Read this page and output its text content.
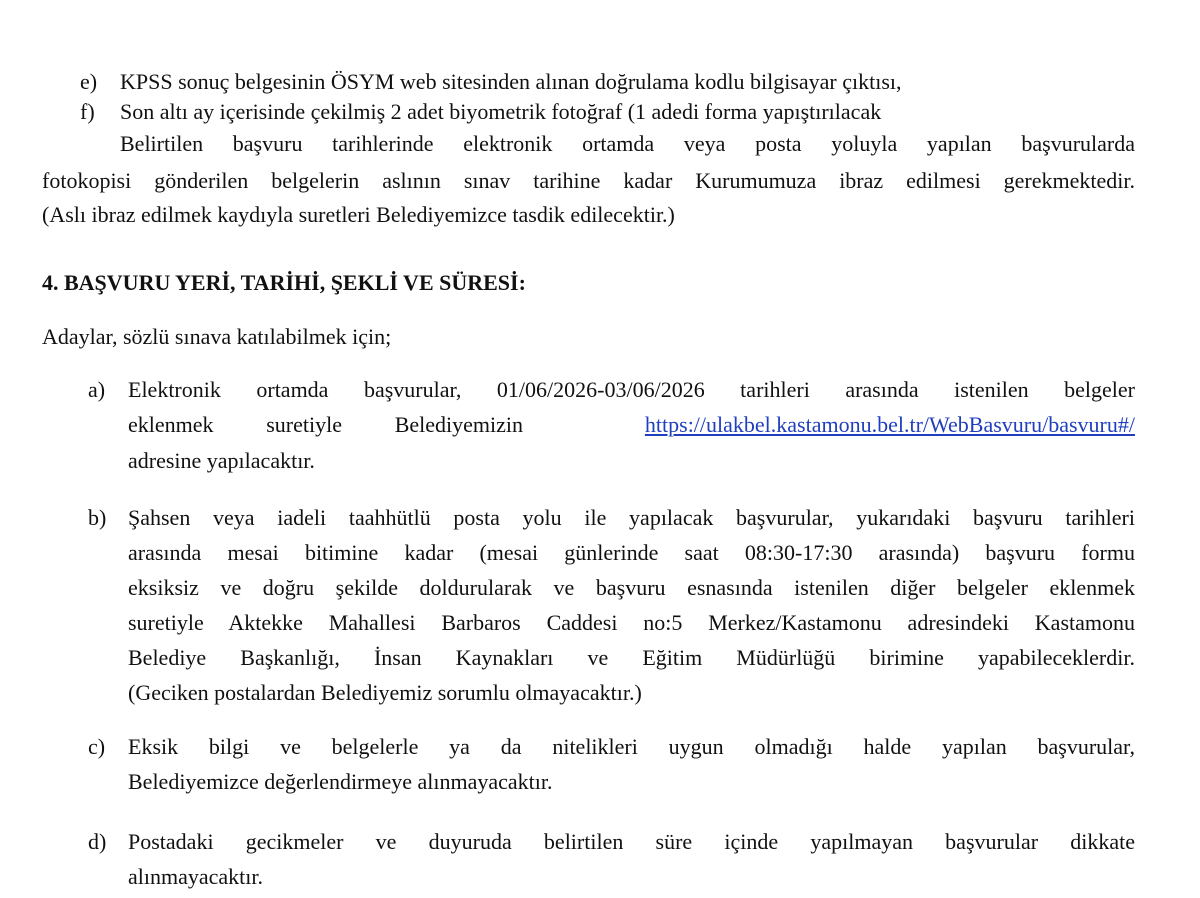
e) KPSS sonuç belgesinin ÖSYM web sitesinden alınan doğrulama kodlu bilgisayar çıktısı,
f) Son altı ay içerisinde çekilmiş 2 adet biyometrik fotoğraf (1 adedi forma yapıştırılacak
Belirtilen başvuru tarihlerinde elektronik ortamda veya posta yoluyla yapılan başvurularda
fotokopisi gönderilen belgelerin aslının sınav tarihine kadar Kurumumuza ibraz edilmesi gerekmektedir.
(Aslı ibraz edilmek kaydıyla suretleri Belediyemizce tasdik edilecektir.)
4. BAŞVURU YERİ, TARİHİ, ŞEKLİ VE SÜRESİ:
Adaylar, sözlü sınava katılabilmek için;
a) Elektronik ortamda başvurular, 01/06/2026-03/06/2026 tarihleri arasında istenilen belgeler
eklenmek suretiyle Belediyemizin	https://ulakbel.kastamonu.bel.tr/WebBasvuru/basvuru#/
adresine yapılacaktır.
b) Şahsen veya iadeli taahhütlü posta yolu ile yapılacak başvurular, yukarıdaki başvuru tarihleri
arasında mesai bitimine kadar (mesai günlerinde saat 08:30-17:30 arasında) başvuru formu
eksiksiz ve doğru şekilde doldurularak ve başvuru esnasında istenilen diğer belgeler eklenmek
suretiyle Aktekke Mahallesi Barbaros Caddesi no:5 Merkez/Kastamonu adresindeki Kastamonu
Belediye Başkanlığı, İnsan Kaynakları ve Eğitim Müdürlüğü birimine yapabileceklerdir.
(Geciken postalardan Belediyemiz sorumlu olmayacaktır.)
c) Eksik bilgi ve belgelerle ya da nitelikleri uygun olmadığı halde yapılan başvurular,
Belediyemizce değerlendirmeye alınmayacaktır.
d) Postadaki gecikmeler ve duyuruda belirtilen süre içinde yapılmayan başvurular dikkate
alınmayacaktır.
